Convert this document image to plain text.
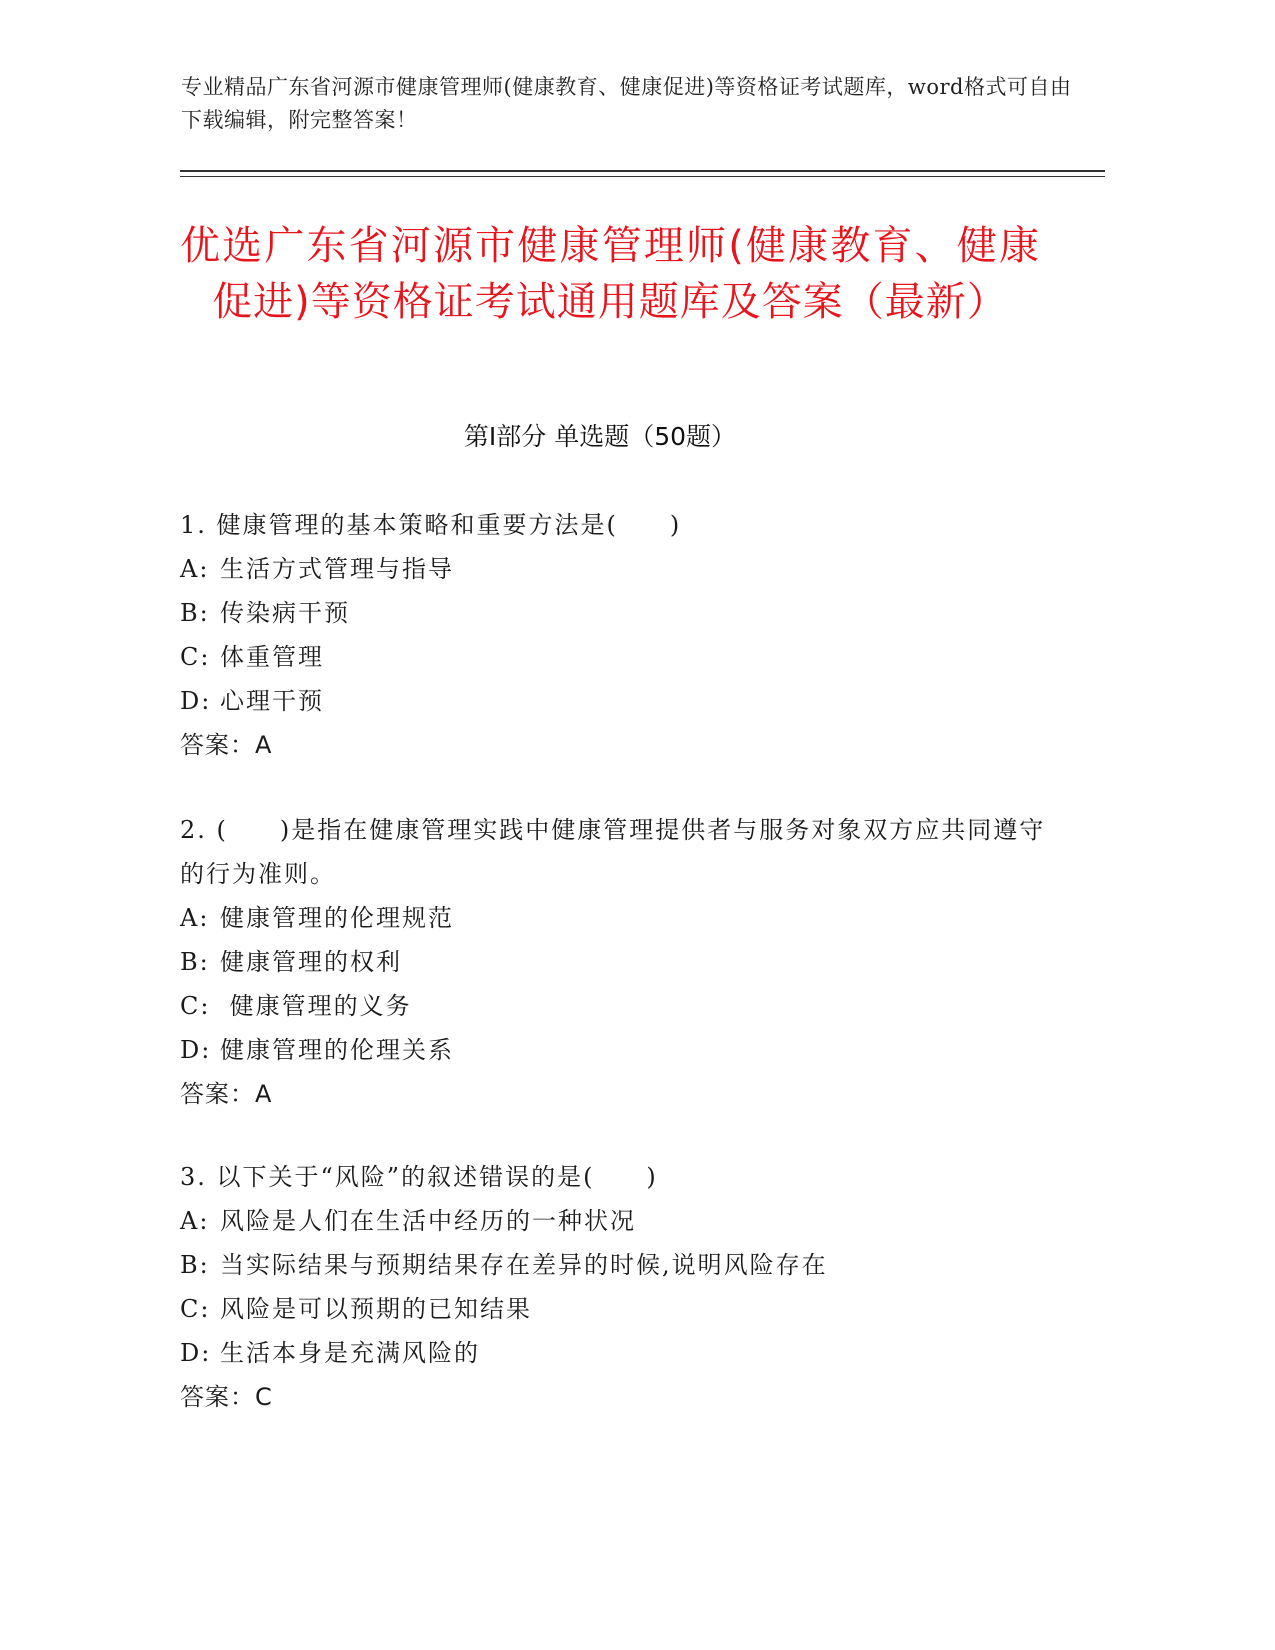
专业精品广东省河源市健康管理师(健康教育、健康促进)等资格证考试题库，word格式可自由下载编辑，附完整答案！
优选广东省河源市健康管理师(健康教育、健康促进)等资格证考试通用题库及答案（最新）
第Ⅰ部分 单选题（50题）
1. 健康管理的基本策略和重要方法是(　　)
A: 生活方式管理与指导
B: 传染病干预
C: 体重管理
D: 心理干预
答案：A
2. (　　)是指在健康管理实践中健康管理提供者与服务对象双方应共同遵守的行为准则。
A: 健康管理的伦理规范
B: 健康管理的权利
C: 健康管理的义务
D: 健康管理的伦理关系
答案：A
3. 以下关于“风险”的叙述错误的是(　　)
A: 风险是人们在生活中经历的一种状况
B: 当实际结果与预期结果存在差异的时候,说明风险存在
C: 风险是可以预期的已知结果
D: 生活本身是充满风险的
答案：C
